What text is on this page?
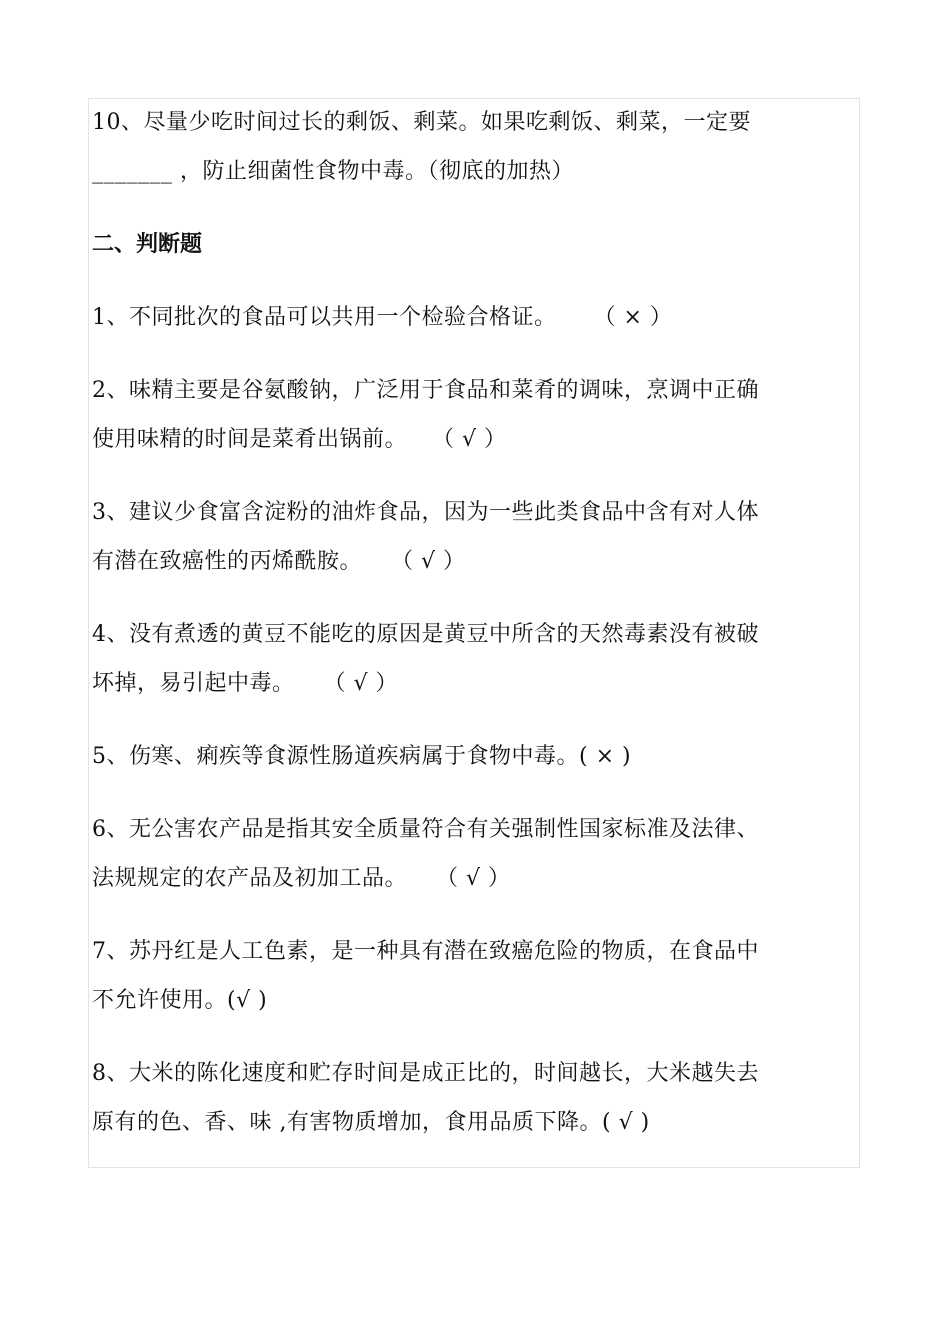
10、尽量少吃时间过长的剩饭、剩菜。如果吃剩饭、剩菜，一定要
_______ ，防止细菌性食物中毒。（彻底的加热）
二、判断题
1、不同批次的食品可以共用一个检验合格证。 （ × ）
2、味精主要是谷氨酸钠，广泛用于食品和菜肴的调味，烹调中正确
使用味精的时间是菜肴出锅前。 （ √ ）
3、建议少食富含淀粉的油炸食品，因为一些此类食品中含有对人体
有潜在致癌性的丙烯酰胺。 （ √ ）
4、没有煮透的黄豆不能吃的原因是黄豆中所含的天然毒素没有被破
坏掉，易引起中毒。 （ √ ）
5、伤寒、痢疾等食源性肠道疾病属于食物中毒。( × )
6、无公害农产品是指其安全质量符合有关强制性国家标准及法律、
法规规定的农产品及初加工品。 （ √ ）
7、苏丹红是人工色素，是一种具有潜在致癌危险的物质，在食品中
不允许使用。(√ )
8、大米的陈化速度和贮存时间是成正比的，时间越长，大米越失去
原有的色、香、味 ,有害物质增加，食用品质下降。( √ )
